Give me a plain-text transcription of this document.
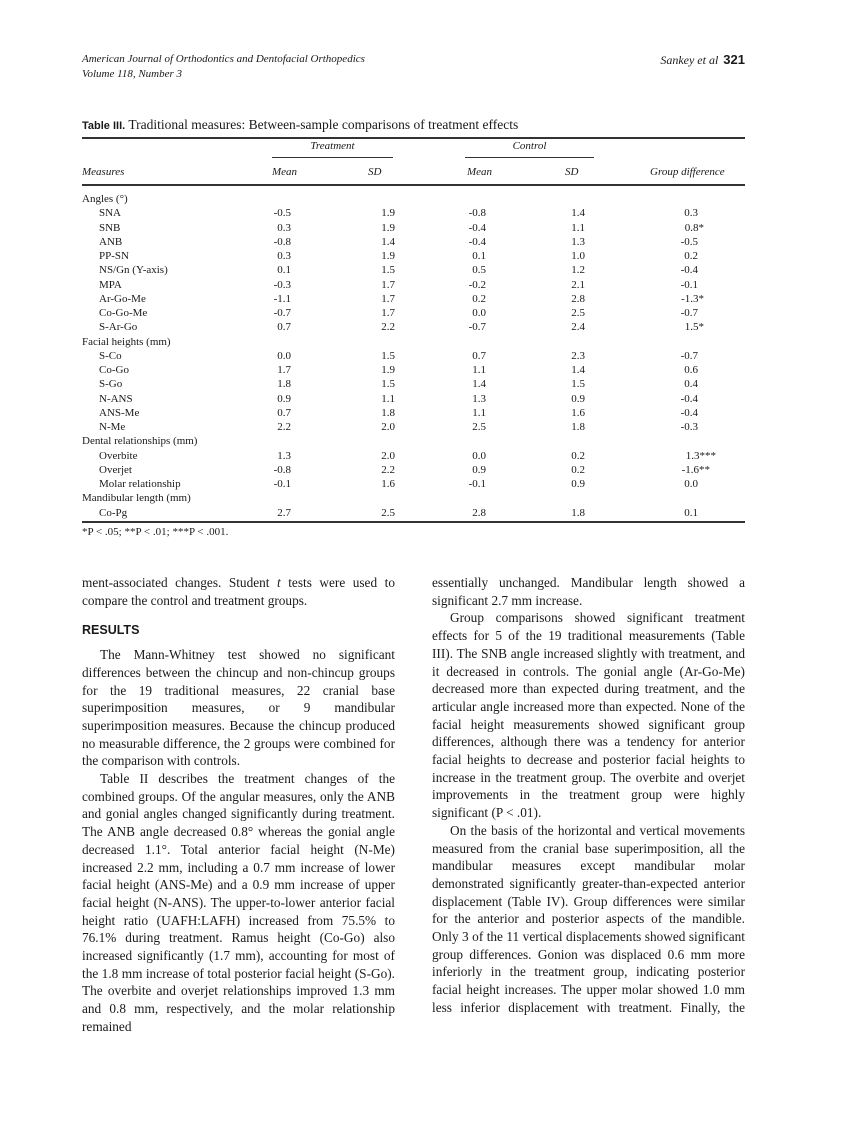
American Journal of Orthodontics and Dentofacial Orthopedics
Volume 118, Number 3
Sankey et al 321
Table III. Traditional measures: Between-sample comparisons of treatment effects
Treatment	Control
Measures	Mean	SD	Mean	SD	Group difference
Angles (°)
SNA	-0.5	1.9	-0.8	1.4	0.3
SNB	0.3	1.9	-0.4	1.1	0.8*
ANB	-0.8	1.4	-0.4	1.3	-0.5
PP-SN	0.3	1.9	0.1	1.0	0.2
NS/Gn (Y-axis)	0.1	1.5	0.5	1.2	-0.4
MPA	-0.3	1.7	-0.2	2.1	-0.1
Ar-Go-Me	-1.1	1.7	0.2	2.8	-1.3*
Co-Go-Me	-0.7	1.7	0.0	2.5	-0.7
S-Ar-Go	0.7	2.2	-0.7	2.4	1.5*
Facial heights (mm)
S-Co	0.0	1.5	0.7	2.3	-0.7
Co-Go	1.7	1.9	1.1	1.4	0.6
S-Go	1.8	1.5	1.4	1.5	0.4
N-ANS	0.9	1.1	1.3	0.9	-0.4
ANS-Me	0.7	1.8	1.1	1.6	-0.4
N-Me	2.2	2.0	2.5	1.8	-0.3
Dental relationships (mm)
Overbite	1.3	2.0	0.0	0.2	1.3***
Overjet	-0.8	2.2	0.9	0.2	-1.6**
Molar relationship	-0.1	1.6	-0.1	0.9	0.0
Mandibular length (mm)
Co-Pg	2.7	2.5	2.8	1.8	0.1
*P < .05; **P < .01; ***P < .001.

ment-associated changes. Student t tests were used to compare the control and treatment groups.

RESULTS

The Mann-Whitney test showed no significant differences between the chincup and non-chincup groups for the 19 traditional measures, 22 cranial base superimposition measures, or 9 mandibular superimposition measures. Because the chincup produced no measurable difference, the 2 groups were combined for the comparison with controls.

Table II describes the treatment changes of the combined groups. Of the angular measures, only the ANB and gonial angles changed significantly during treatment. The ANB angle decreased 0.8° whereas the gonial angle decreased 1.1°. Total anterior facial height (N-Me) increased 2.2 mm, including a 0.7 mm increase of lower facial height (ANS-Me) and a 0.9 mm increase of upper facial height (N-ANS). The upper-to-lower anterior facial height ratio (UAFH:LAFH) increased from 75.5% to 76.1% during treatment. Ramus height (Co-Go) also increased significantly (1.7 mm), accounting for most of the 1.8 mm increase of total posterior facial height (S-Go). The overbite and overjet relationships improved 1.3 mm and 0.8 mm, respectively, and the molar relationship remained

essentially unchanged. Mandibular length showed a significant 2.7 mm increase.

Group comparisons showed significant treatment effects for 5 of the 19 traditional measurements (Table III). The SNB angle increased slightly with treatment, and it decreased in controls. The gonial angle (Ar-Go-Me) decreased more than expected during treatment, and the articular angle increased more than expected. None of the facial height measurements showed significant group differences, although there was a tendency for anterior facial heights to decrease and posterior facial heights to increase in the treatment group. The overbite and overjet improvements in the treatment group were highly significant (P < .01).

On the basis of the horizontal and vertical movements measured from the cranial base superimposition, all the mandibular measures except mandibular molar demonstrated significantly greater-than-expected anterior displacement (Table IV). Group differences were similar for the anterior and posterior aspects of the mandible. Only 3 of the 11 vertical displacements showed significant group differences. Gonion was displaced 0.6 mm more inferiorly in the treatment group, indicating posterior facial height increases. The upper molar showed 1.0 mm less inferior displacement with treatment. Finally, the
